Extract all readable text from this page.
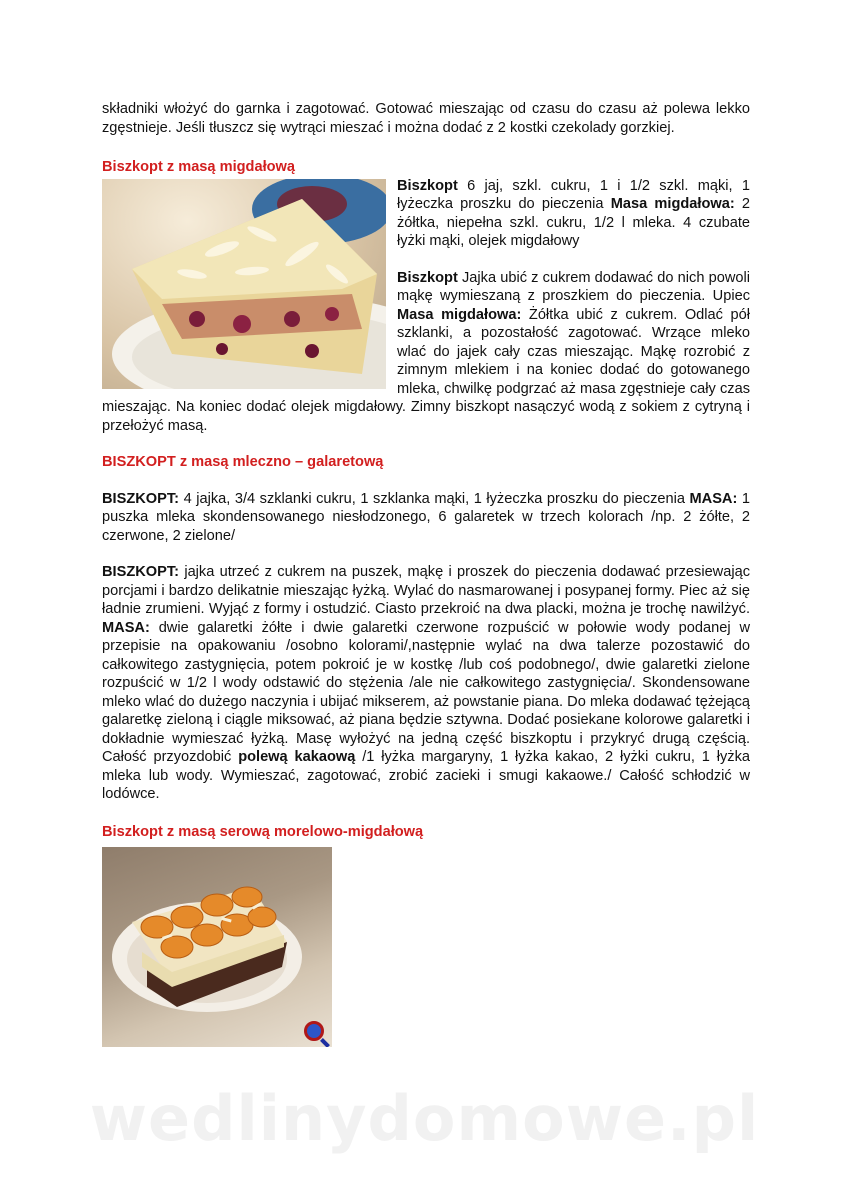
składniki włożyć do garnka i zagotować. Gotować mieszając od czasu do czasu aż polewa lekko zgęstnieje. Jeśli tłuszcz się wytrąci mieszać i można dodać z 2 kostki czekolady gorzkiej.

Biszkopt z masą migdałową

Biszkopt 6 jaj, szkl. cukru, 1 i 1/2 szkl. mąki, 1 łyżeczka proszku do pieczenia Masa migdałowa: 2 żółtka, niepełna szkl. cukru, 1/2 l mleka. 4 czubate łyżki mąki, olejek migdałowy

Biszkopt Jajka ubić z cukrem dodawać do nich powoli mąkę wymieszaną z proszkiem do pieczenia. Upiec Masa migdałowa: Żółtka ubić z cukrem. Odlać pół szklanki, a pozostałość zagotować. Wrzące mleko wlać do jajek cały czas mieszając. Mąkę rozrobić z zimnym mlekiem i na koniec dodać do gotowanego mleka, chwilkę podgrzać aż masa zgęstnieje cały czas mieszając. Na koniec dodać olejek migdałowy. Zimny biszkopt nasączyć wodą z sokiem z cytryną i przełożyć masą.

BISZKOPT z masą mleczno – galaretową

BISZKOPT: 4 jajka, 3/4 szklanki cukru, 1 szklanka mąki, 1 łyżeczka proszku do pieczenia MASA: 1 puszka mleka skondensowanego niesłodzonego, 6 galaretek w trzech kolorach /np. 2 żółte, 2 czerwone, 2 zielone/

BISZKOPT: jajka utrzeć z cukrem na puszek, mąkę i proszek do pieczenia dodawać przesiewając porcjami i bardzo delikatnie mieszając łyżką. Wylać do nasmarowanej i posypanej formy. Piec aż się ładnie zrumieni. Wyjąć z formy i ostudzić. Ciasto przekroić na dwa placki, można je trochę nawilżyć. MASA: dwie galaretki żółte i dwie galaretki czerwone rozpuścić w połowie wody podanej w przepisie na opakowaniu /osobno kolorami/,następnie wylać na dwa talerze pozostawić do całkowitego zastygnięcia, potem pokroić je w kostkę /lub coś podobnego/, dwie galaretki zielone rozpuścić w 1/2 l wody odstawić do stężenia /ale nie całkowitego zastygnięcia/. Skondensowane mleko wlać do dużego naczynia i ubijać mikserem, aż powstanie piana. Do mleka dodawać tężejącą galaretkę zieloną i ciągle miksować, aż piana będzie sztywna. Dodać posiekane kolorowe galaretki i dokładnie wymieszać łyżką. Masę wyłożyć na jedną część biszkoptu i przykryć drugą częścią. Całość przyozdobić polewą kakaową /1 łyżka margaryny, 1 łyżka kakao, 2 łyżki cukru, 1 łyżka mleka lub wody. Wymieszać, zagotować, zrobić zacieki i smugi kakaowe./ Całość schłodzić w lodówce.

Biszkopt z masą serową morelowo-migdałową
wedlinydomowe.pl
